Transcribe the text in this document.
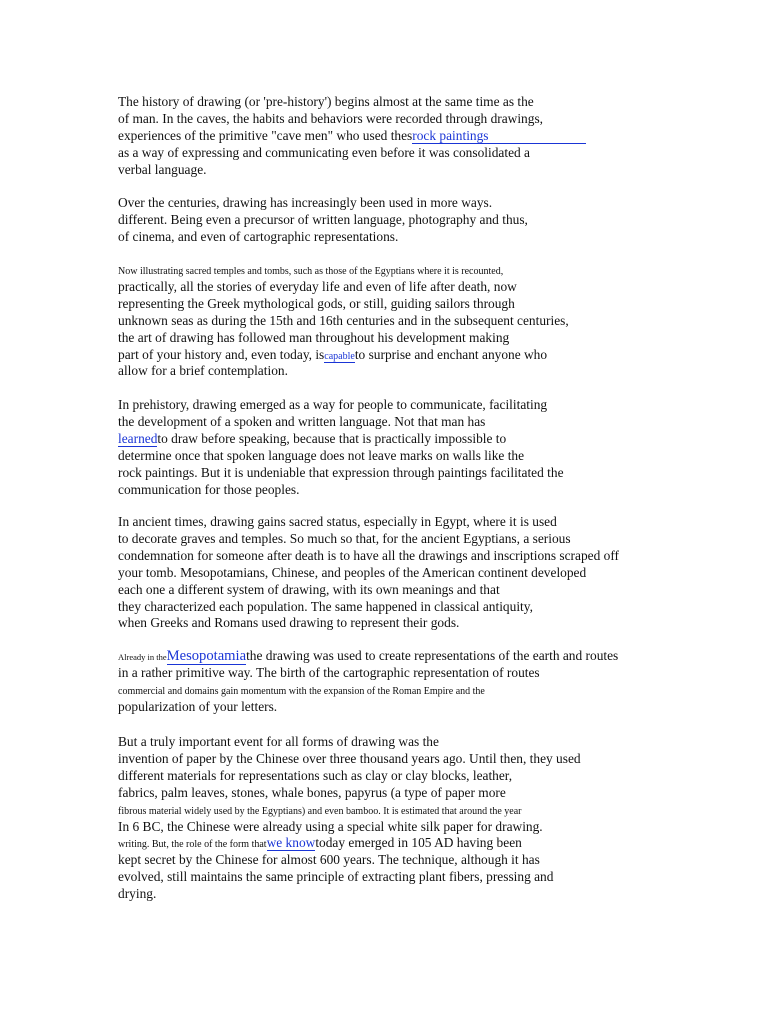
The history of drawing (or 'pre-history') begins almost at the same time as the
of man. In the caves, the habits and behaviors were recorded through drawings,
experiences of the primitive "cave men" who used thesrock paintings
as a way of expressing and communicating even before it was consolidated a
verbal language.
Over the centuries, drawing has increasingly been used in more ways.
different. Being even a precursor of written language, photography and thus,
of cinema, and even of cartographic representations.
Now illustrating sacred temples and tombs, such as those of the Egyptians where it is recounted,
practically, all the stories of everyday life and even of life after death, now
representing the Greek mythological gods, or still, guiding sailors through
unknown seas as during the 15th and 16th centuries and in the subsequent centuries,
the art of drawing has followed man throughout his development making
part of your history and, even today, iscapableto surprise and enchant anyone who
allow for a brief contemplation.
In prehistory, drawing emerged as a way for people to communicate, facilitating
the development of a spoken and written language. Not that man has
learnedto draw before speaking, because that is practically impossible to
determine once that spoken language does not leave marks on walls like the
rock paintings. But it is undeniable that expression through paintings facilitated the
communication for those peoples.
In ancient times, drawing gains sacred status, especially in Egypt, where it is used
to decorate graves and temples. So much so that, for the ancient Egyptians, a serious
condemnation for someone after death is to have all the drawings and inscriptions scraped off
your tomb. Mesopotamians, Chinese, and peoples of the American continent developed
each one a different system of drawing, with its own meanings and that
they characterized each population. The same happened in classical antiquity,
when Greeks and Romans used drawing to represent their gods.
Already in theMesopotamiathe drawing was used to create representations of the earth and routes
in a rather primitive way. The birth of the cartographic representation of routes
commercial and domains gain momentum with the expansion of the Roman Empire and the
popularization of your letters.
But a truly important event for all forms of drawing was the
invention of paper by the Chinese over three thousand years ago. Until then, they used
different materials for representations such as clay or clay blocks, leather,
fabrics, palm leaves, stones, whale bones, papyrus (a type of paper more
fibrous material widely used by the Egyptians) and even bamboo. It is estimated that around the year
In 6 BC, the Chinese were already using a special white silk paper for drawing.
writing. But, the role of the form thatwe knowtoday emerged in 105 AD having been
kept secret by the Chinese for almost 600 years. The technique, although it has
evolved, still maintains the same principle of extracting plant fibers, pressing and
drying.
